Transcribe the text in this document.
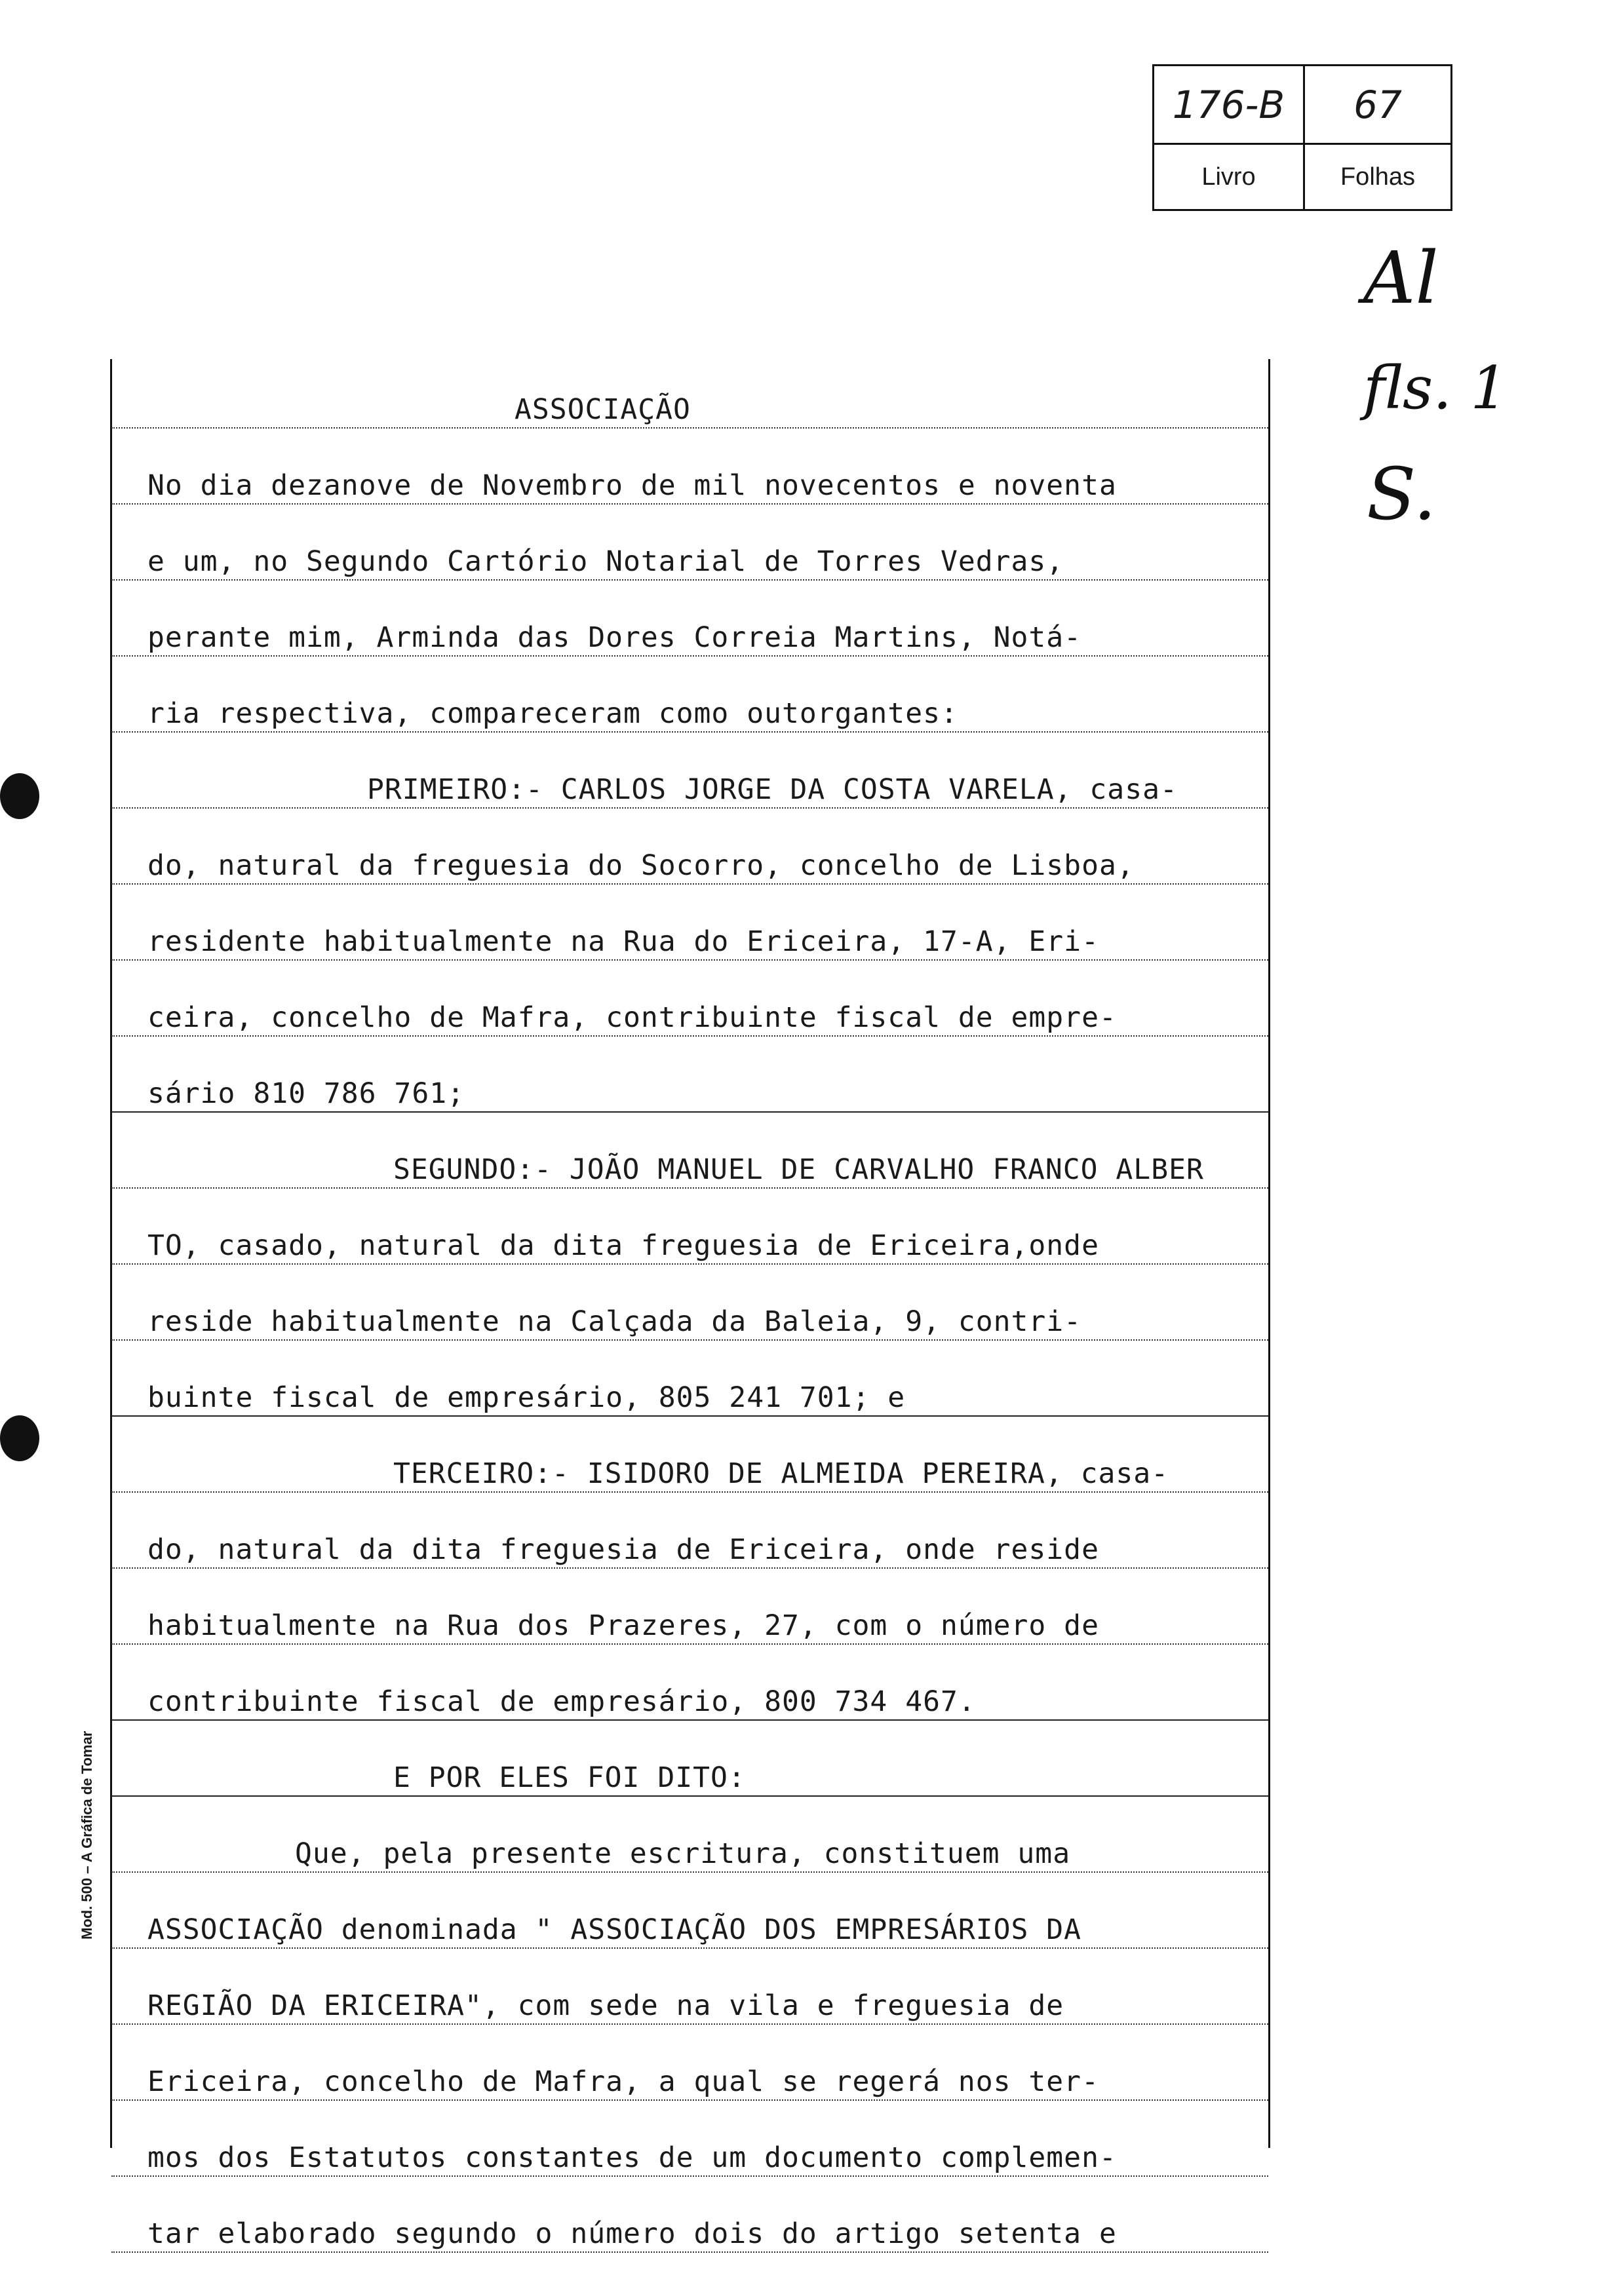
176-B	67
Livro	Folhas
Al
fls. 1
S.
ASSOCIAÇÃO
No dia dezanove de Novembro de mil novecentos e noventa
e um, no Segundo Cartório Notarial de Torres Vedras,
perante mim, Arminda das Dores Correia Martins, Notá-
ria respectiva, compareceram como outorgantes:
PRIMEIRO:- CARLOS JORGE DA COSTA VARELA, casa-
do, natural da freguesia do Socorro, concelho de Lisboa,
residente habitualmente na Rua do Ericeira, 17-A, Eri-
ceira, concelho de Mafra, contribuinte fiscal de empre-
sário 810 786 761;
SEGUNDO:- JOÃO MANUEL DE CARVALHO FRANCO ALBER
TO, casado, natural da dita freguesia de Ericeira,onde
reside habitualmente na Calçada da Baleia, 9, contri-
buinte fiscal de empresário, 805 241 701; e
TERCEIRO:- ISIDORO DE ALMEIDA PEREIRA, casa-
do, natural da dita freguesia de Ericeira, onde reside
habitualmente na Rua dos Prazeres, 27, com o número de
contribuinte fiscal de empresário, 800 734 467.
E POR ELES FOI DITO:
Que, pela presente escritura, constituem uma
ASSOCIAÇÃO denominada " ASSOCIAÇÃO DOS EMPRESÁRIOS DA
REGIÃO DA ERICEIRA", com sede na vila e freguesia de
Ericeira, concelho de Mafra, a qual se regerá nos ter-
mos dos Estatutos constantes de um documento complemen-
tar elaborado segundo o número dois do artigo setenta e
Mod. 500 – A Gráfica de Tomar
